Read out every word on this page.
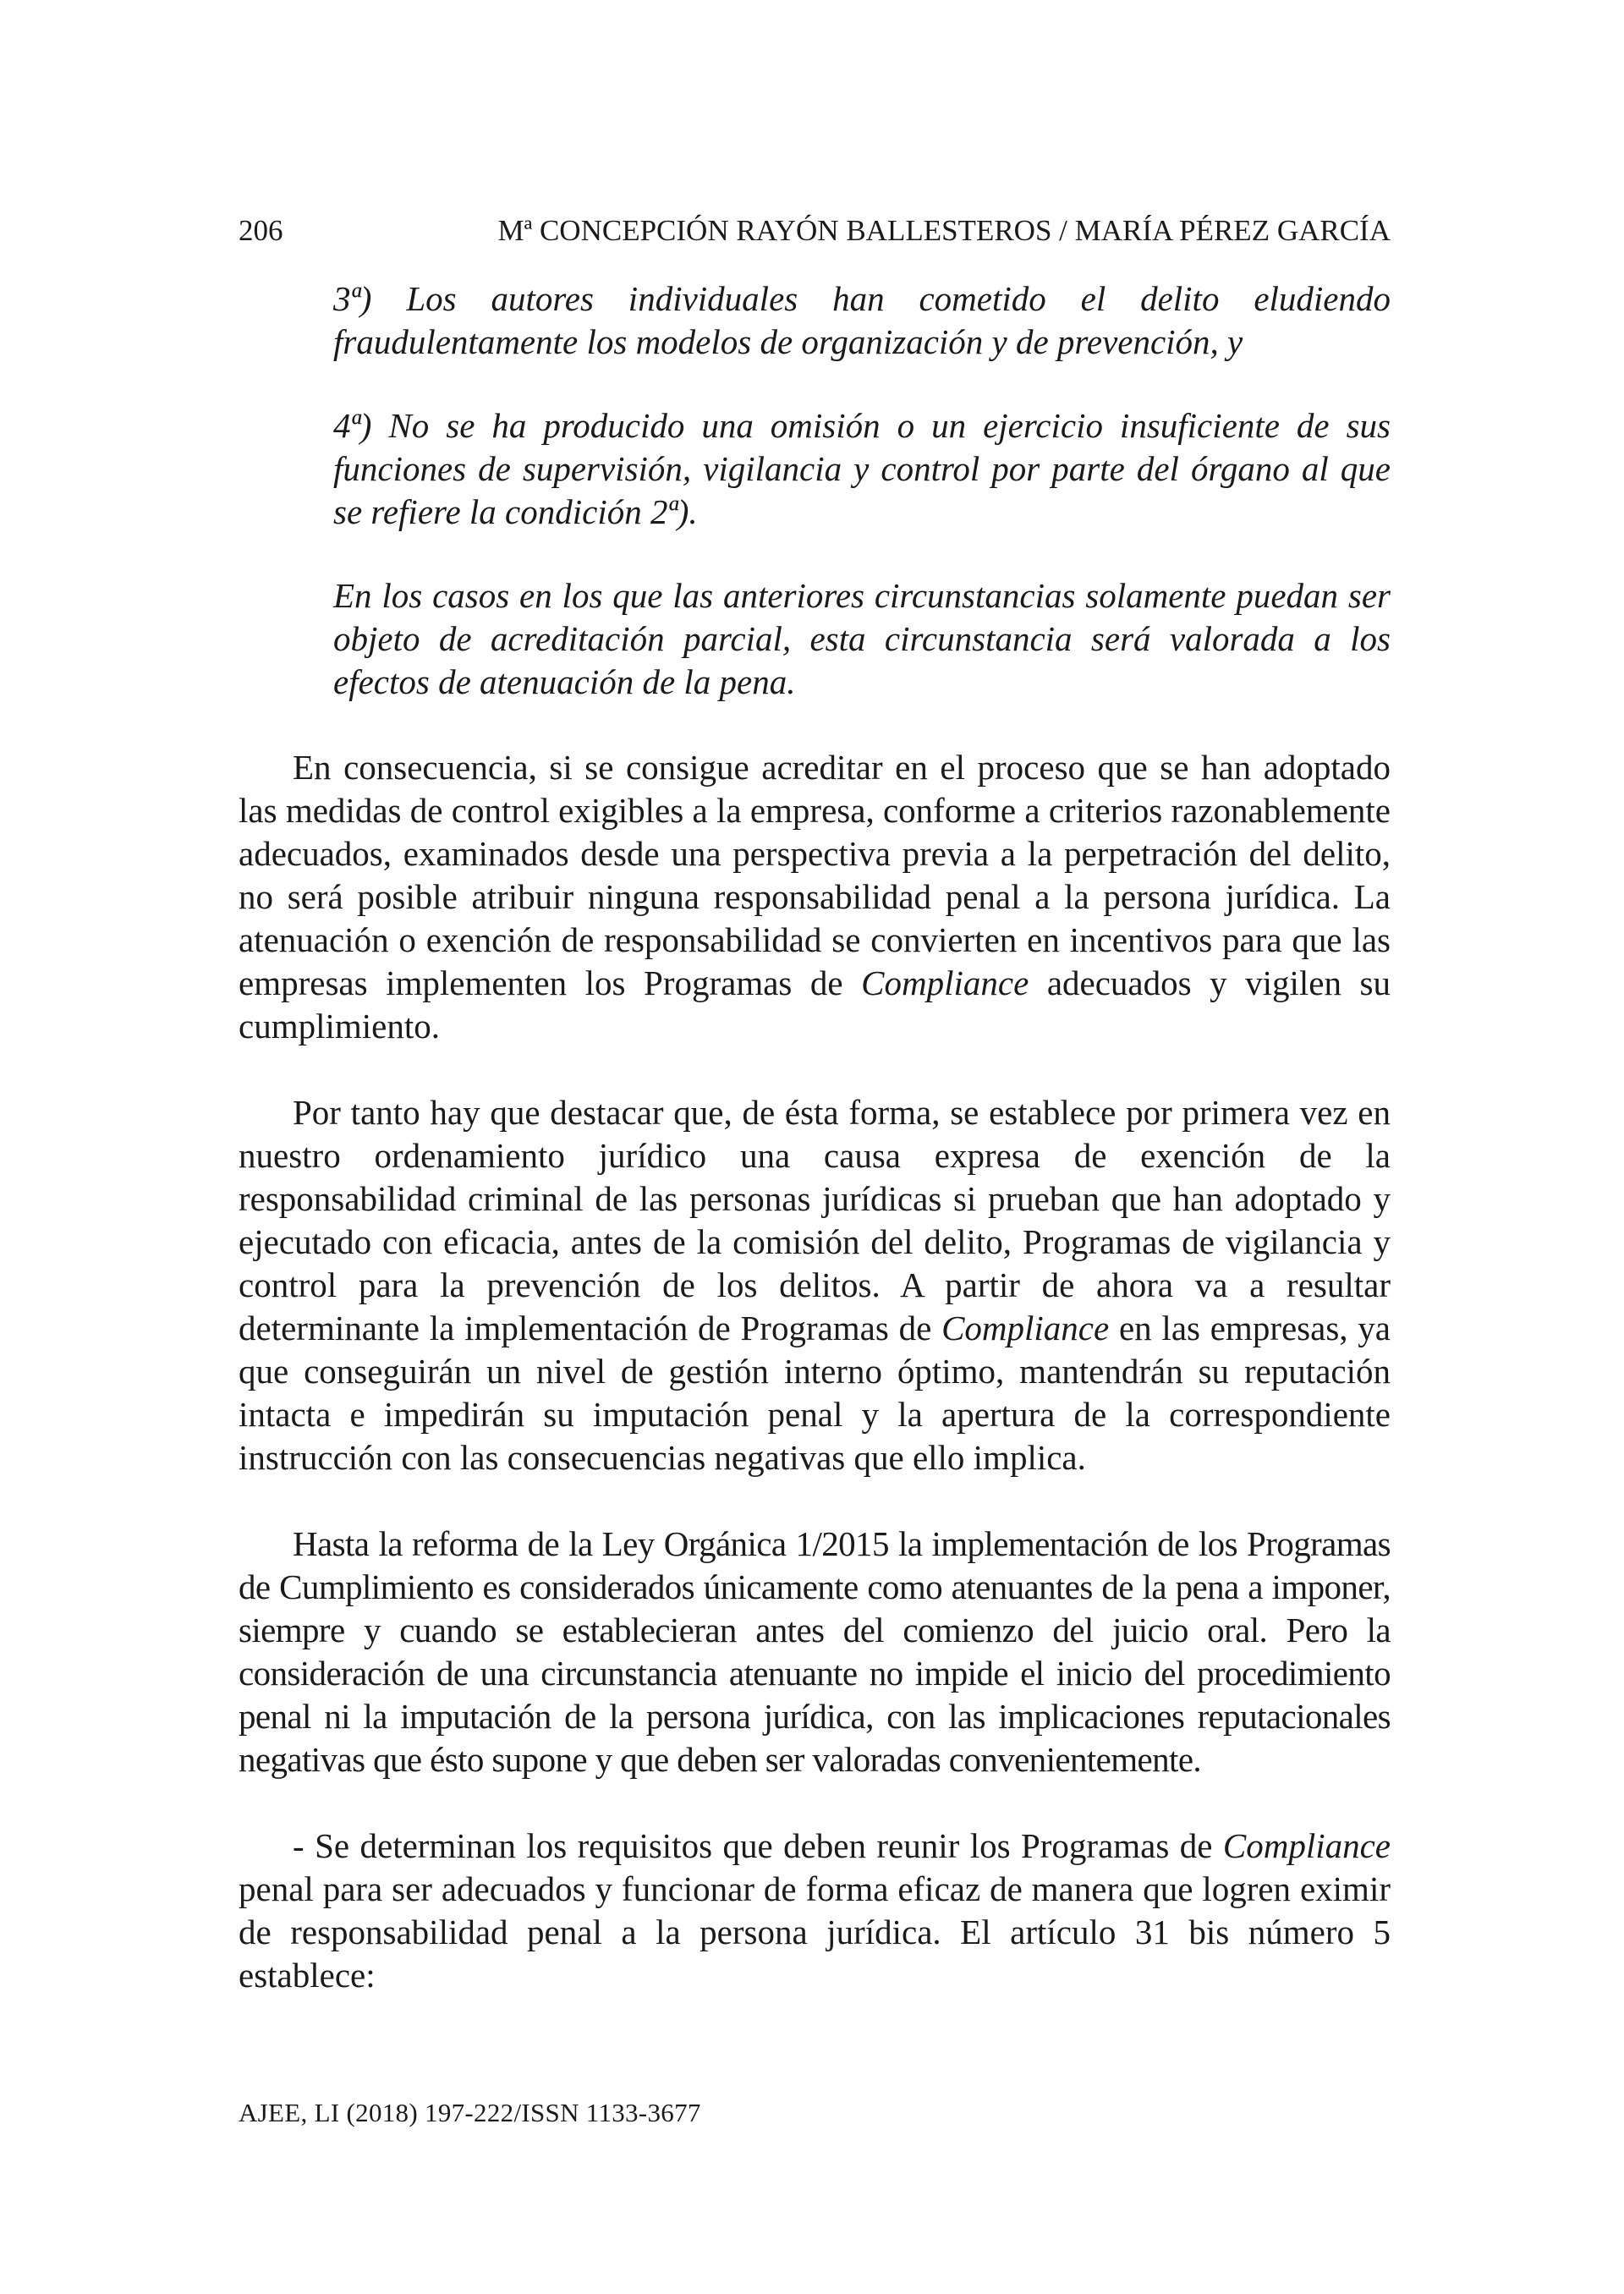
206	Mª CONCEPCIÓN RAYÓN BALLESTEROS / MARÍA PÉREZ GARCÍA

3ª) Los autores individuales han cometido el delito eludiendo fraudulentamente los modelos de organización y de prevención, y

4ª) No se ha producido una omisión o un ejercicio insuficiente de sus funciones de supervisión, vigilancia y control por parte del órgano al que se refiere la condición 2ª).

En los casos en los que las anteriores circunstancias solamente puedan ser objeto de acreditación parcial, esta circunstancia será valorada a los efectos de atenuación de la pena.

En consecuencia, si se consigue acreditar en el proceso que se han adoptado las medidas de control exigibles a la empresa, conforme a criterios razonablemente adecuados, examinados desde una perspectiva previa a la perpetración del delito, no será posible atribuir ninguna responsabilidad penal a la persona jurídica. La atenuación o exención de responsabilidad se convierten en incentivos para que las empresas implementen los Programas de Compliance adecuados y vigilen su cumplimiento.

Por tanto hay que destacar que, de ésta forma, se establece por primera vez en nuestro ordenamiento jurídico una causa expresa de exención de la responsabilidad criminal de las personas jurídicas si prueban que han adoptado y ejecutado con eficacia, antes de la comisión del delito, Programas de vigilancia y control para la prevención de los delitos. A partir de ahora va a resultar determinante la implementación de Programas de Compliance en las empresas, ya que conseguirán un nivel de gestión interno óptimo, mantendrán su reputación intacta e impedirán su imputación penal y la apertura de la correspondiente instrucción con las consecuencias negativas que ello implica.

Hasta la reforma de la Ley Orgánica 1/2015 la implementación de los Programas de Cumplimiento es considerados únicamente como atenuantes de la pena a imponer, siempre y cuando se establecieran antes del comienzo del juicio oral. Pero la consideración de una circunstancia atenuante no impide el inicio del procedimiento penal ni la imputación de la persona jurídica, con las implicaciones reputacionales negativas que ésto supone y que deben ser valoradas convenientemente.

- Se determinan los requisitos que deben reunir los Programas de Compliance penal para ser adecuados y funcionar de forma eficaz de manera que logren eximir de responsabilidad penal a la persona jurídica. El artículo 31 bis número 5 establece:

AJEE, LI (2018) 197-222/ISSN 1133-3677
